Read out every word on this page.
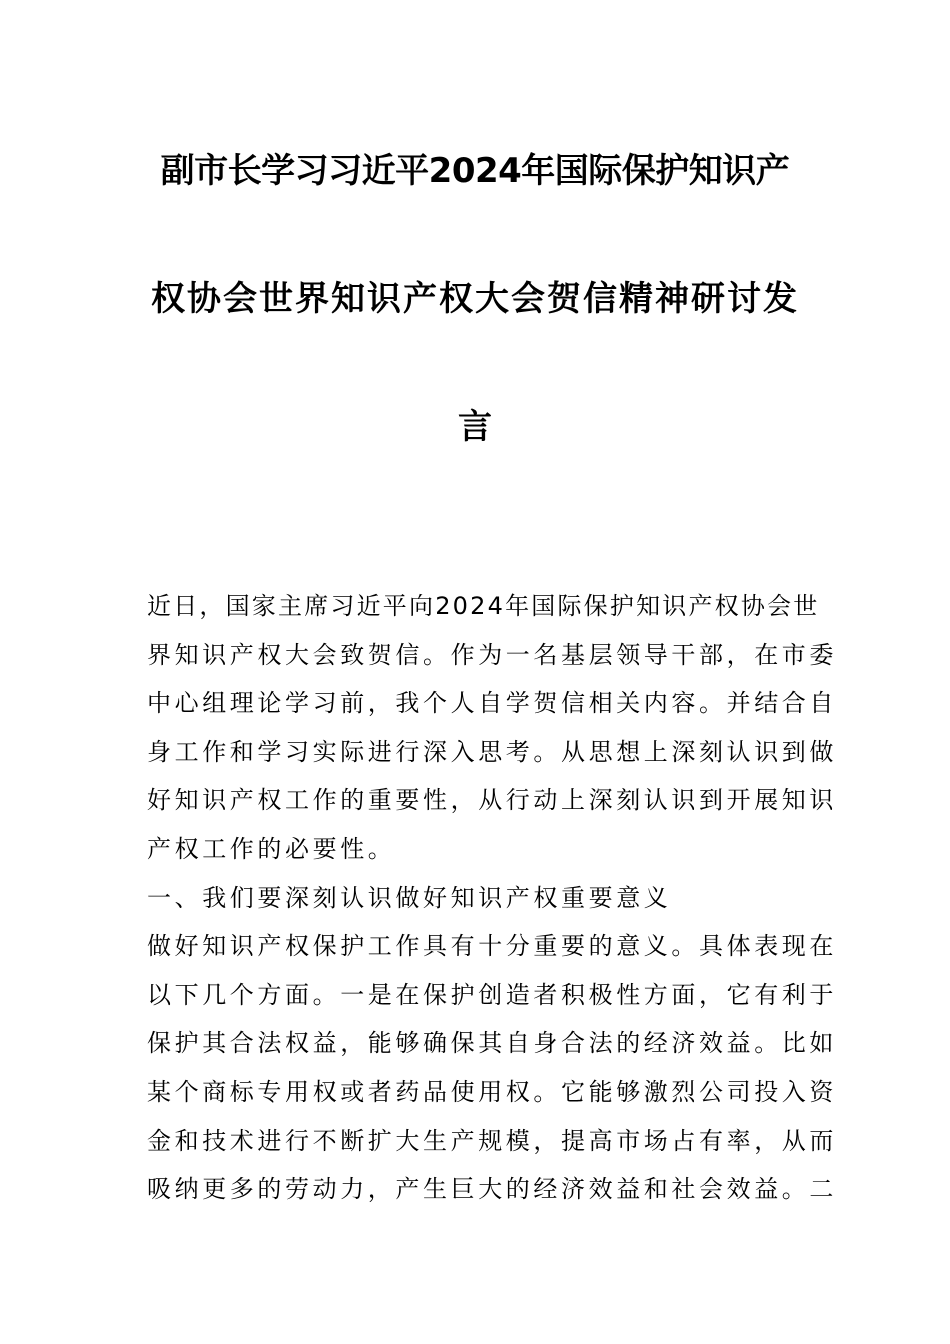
副市长学习习近平2024年国际保护知识产
权协会世界知识产权大会贺信精神研讨发
言
近日，国家主席习近平向2024年国际保护知识产权协会世
界知识产权大会致贺信。作为一名基层领导干部，在市委
中心组理论学习前，我个人自学贺信相关内容。并结合自
身工作和学习实际进行深入思考。从思想上深刻认识到做
好知识产权工作的重要性，从行动上深刻认识到开展知识
产权工作的必要性。
一、我们要深刻认识做好知识产权重要意义
做好知识产权保护工作具有十分重要的意义。具体表现在
以下几个方面。一是在保护创造者积极性方面，它有利于
保护其合法权益，能够确保其自身合法的经济效益。比如
某个商标专用权或者药品使用权。它能够激烈公司投入资
金和技术进行不断扩大生产规模，提高市场占有率，从而
吸纳更多的劳动力，产生巨大的经济效益和社会效益。二
